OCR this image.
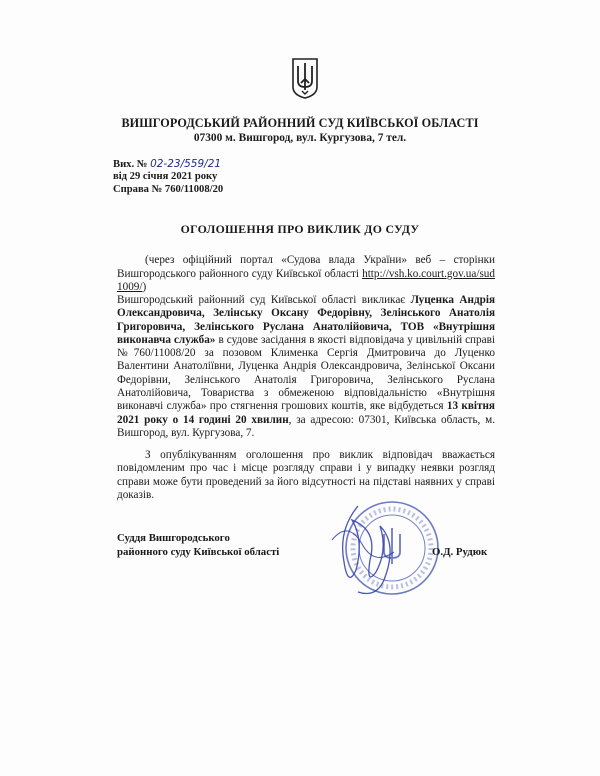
ВИШГОРОДСЬКИЙ РАЙОННИЙ СУД КИЇВСЬКОЇ ОБЛАСТІ
07300 м. Вишгород, вул. Кургузова, 7 тел.
Вих. № 02-23/559/21
від 29 січня 2021 року
Справа № 760/11008/20
ОГОЛОШЕННЯ ПРО ВИКЛИК ДО СУДУ
(через офіційний портал «Судова влада України» веб – сторінки Вишгородського районного суду Київської області http://vsh.ko.court.gov.ua/sud 1009/)
Вишгородський районний суд Київської області викликає Луценка Андрія Олександровича, Зелінську Оксану Федорівну, Зелінського Анатолія Григоровича, Зелінського Руслана Анатолійовича, ТОВ «Внутрішня виконавча служба» в судове засідання в якості відповідача у цивільній справі №760/11008/20 за позовом Клименка Сергія Дмитровича до Луценко Валентини Анатоліївни, Луценка Андрія Олександровича, Зелінської Оксани Федорівни, Зелінського Анатолія Григоровича, Зелінського Руслана Анатолійовича, Товариства з обмеженою відповідальністю «Внутрішня виконавчі служба» про стягнення грошових коштів, яке відбудеться 13 квітня 2021 року о 14 годині 20 хвилин, за адресою: 07301, Київська область, м. Вишгород, вул. Кургузова, 7.
З опублікуванням оголошення про виклик відповідач вважається повідомленим про час і місце розгляду справи і у випадку неявки розгляд справи може бути проведений за його відсутності на підставі наявних у справі доказів.
Суддя Вишгородського
районного суду Київської області	О.Д. Рудюк
